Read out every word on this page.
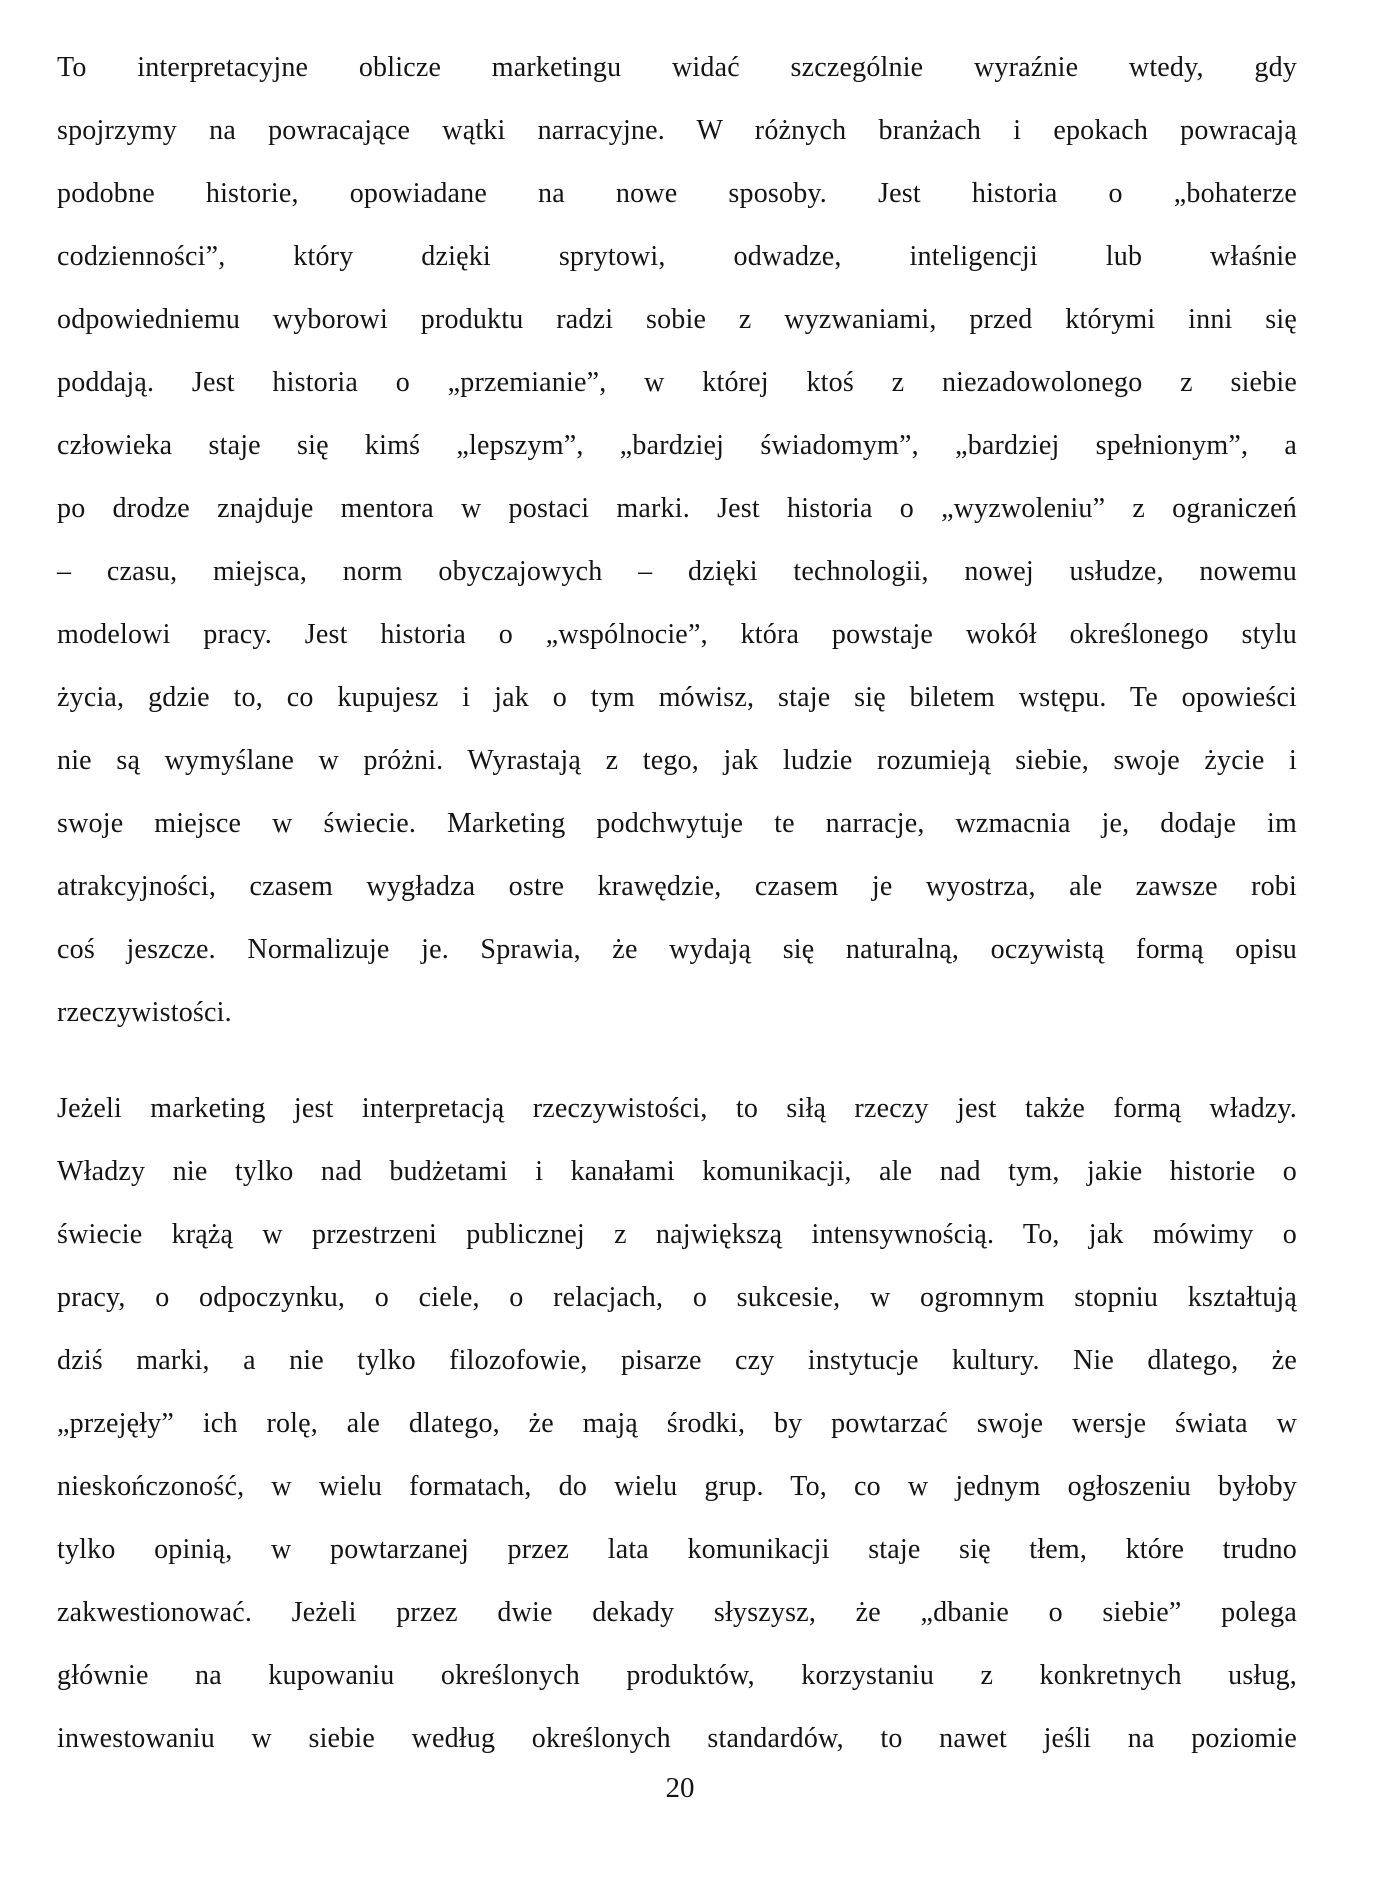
To interpretacyjne oblicze marketingu widać szczególnie wyraźnie wtedy, gdy
spojrzymy na powracające wątki narracyjne. W różnych branżach i epokach powracają
podobne historie, opowiadane na nowe sposoby. Jest historia o „bohaterze
codzienności”, który dzięki sprytowi, odwadze, inteligencji lub właśnie
odpowiedniemu wyborowi produktu radzi sobie z wyzwaniami, przed którymi inni się
poddają. Jest historia o „przemianie”, w której ktoś z niezadowolonego z siebie
człowieka staje się kimś „lepszym”, „bardziej świadomym”, „bardziej spełnionym”, a
po drodze znajduje mentora w postaci marki. Jest historia o „wyzwoleniu” z ograniczeń
– czasu, miejsca, norm obyczajowych – dzięki technologii, nowej usłudze, nowemu
modelowi pracy. Jest historia o „wspólnocie”, która powstaje wokół określonego stylu
życia, gdzie to, co kupujesz i jak o tym mówisz, staje się biletem wstępu. Te opowieści
nie są wymyślane w próżni. Wyrastają z tego, jak ludzie rozumieją siebie, swoje życie i
swoje miejsce w świecie. Marketing podchwytuje te narracje, wzmacnia je, dodaje im
atrakcyjności, czasem wygładza ostre krawędzie, czasem je wyostrza, ale zawsze robi
coś jeszcze. Normalizuje je. Sprawia, że wydają się naturalną, oczywistą formą opisu
rzeczywistości.
Jeżeli marketing jest interpretacją rzeczywistości, to siłą rzeczy jest także formą władzy.
Władzy nie tylko nad budżetami i kanałami komunikacji, ale nad tym, jakie historie o
świecie krążą w przestrzeni publicznej z największą intensywnością. To, jak mówimy o
pracy, o odpoczynku, o ciele, o relacjach, o sukcesie, w ogromnym stopniu kształtują
dziś marki, a nie tylko filozofowie, pisarze czy instytucje kultury. Nie dlatego, że
„przejęły” ich rolę, ale dlatego, że mają środki, by powtarzać swoje wersje świata w
nieskończoność, w wielu formatach, do wielu grup. To, co w jednym ogłoszeniu byłoby
tylko opinią, w powtarzanej przez lata komunikacji staje się tłem, które trudno
zakwestionować. Jeżeli przez dwie dekady słyszysz, że „dbanie o siebie” polega
głównie na kupowaniu określonych produktów, korzystaniu z konkretnych usług,
inwestowaniu w siebie według określonych standardów, to nawet jeśli na poziomie
20
